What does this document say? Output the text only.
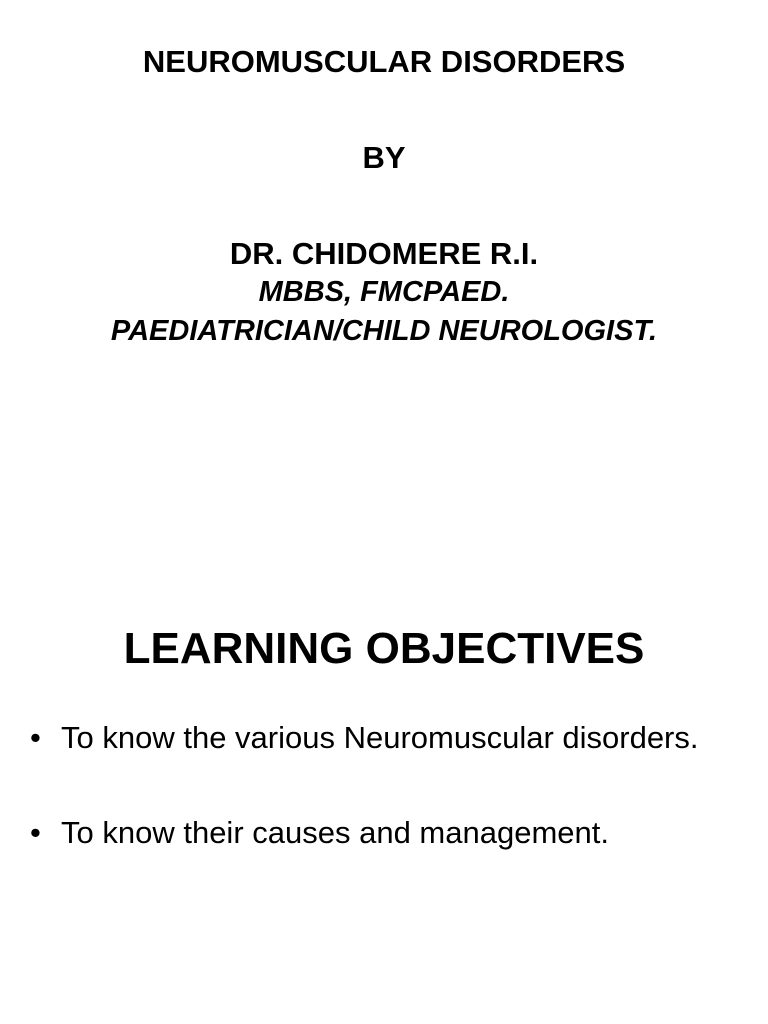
NEUROMUSCULAR DISORDERS
BY
DR. CHIDOMERE R.I.
MBBS, FMCPAED.
PAEDIATRICIAN/CHILD NEUROLOGIST.
LEARNING OBJECTIVES
• To know the various Neuromuscular disorders.
• To know their causes and management.
